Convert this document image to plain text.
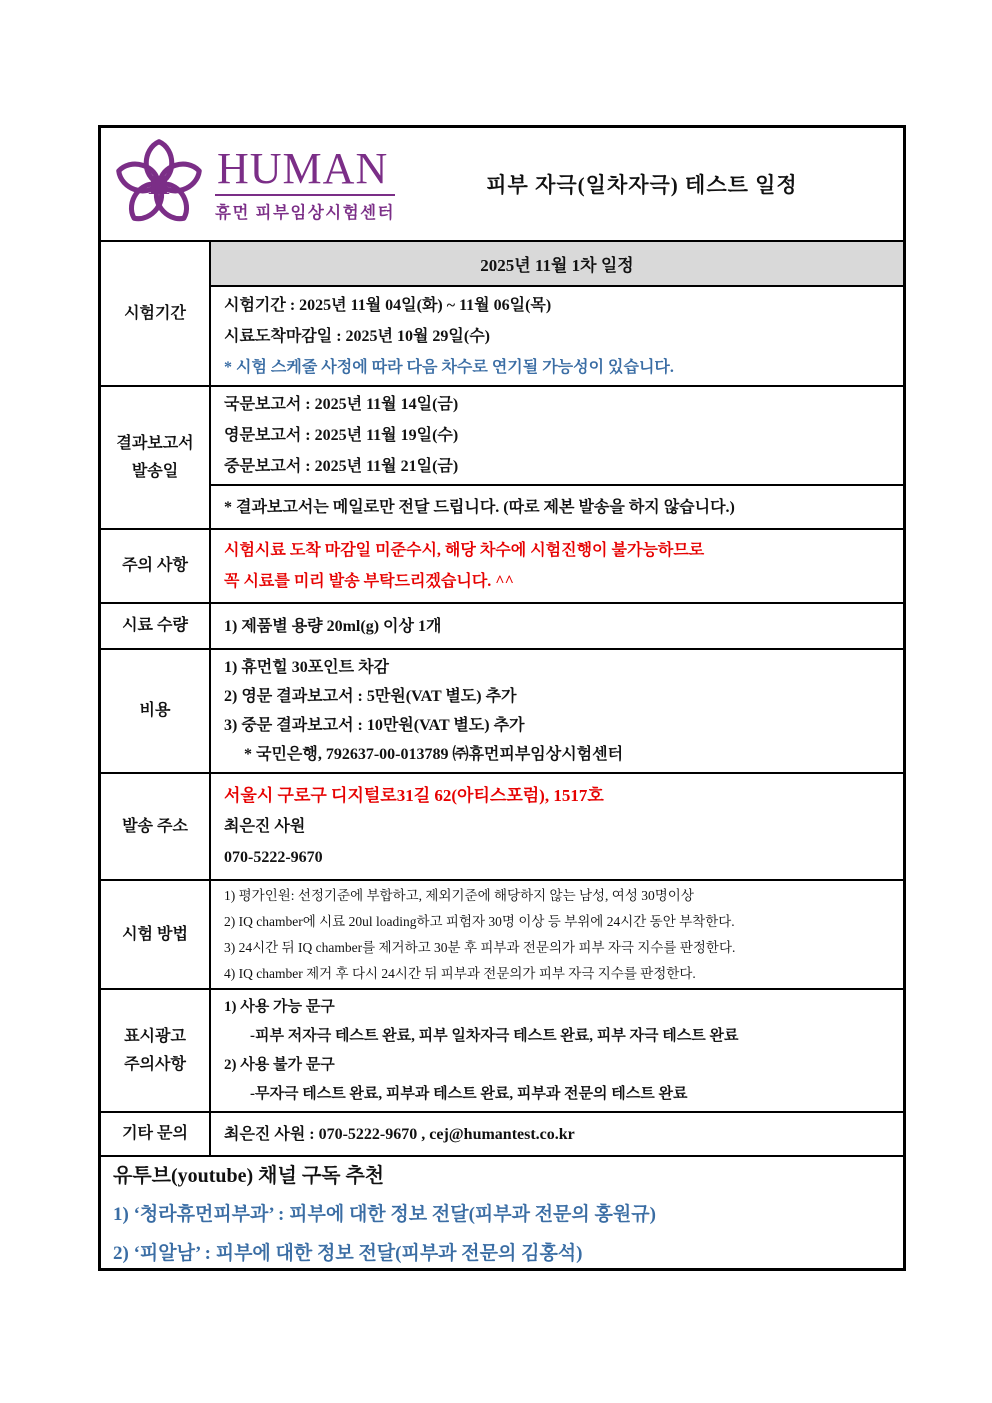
H HUMAN
휴먼 피부임상시험센터
피부 자극(일차자극) 테스트 일정
시험기간
2025년 11월 1차 일정
시험기간 : 2025년 11월 04일(화) ~ 11월 06일(목)
시료도착마감일 : 2025년 10월 29일(수)
* 시험 스케줄 사정에 따라 다음 차수로 연기될 가능성이 있습니다.
결과보고서
발송일
국문보고서 : 2025년 11월 14일(금)
영문보고서 : 2025년 11월 19일(수)
중문보고서 : 2025년 11월 21일(금)
* 결과보고서는 메일로만 전달 드립니다. (따로 제본 발송을 하지 않습니다.)
주의 사항
시험시료 도착 마감일 미준수시, 해당 차수에 시험진행이 불가능하므로
꼭 시료를 미리 발송 부탁드리겠습니다. ^^
시료 수량	1) 제품별 용량 20ml(g) 이상 1개
비용
1) 휴먼힐 30포인트 차감
2) 영문 결과보고서 : 5만원(VAT 별도) 추가
3) 중문 결과보고서 : 10만원(VAT 별도) 추가
* 국민은행, 792637-00-013789 ㈜휴먼피부임상시험센터
발송 주소
서울시 구로구 디지털로31길 62(아티스포럼), 1517호
최은진 사원
070-5222-9670
시험 방법
1) 평가인원: 선정기준에 부합하고, 제외기준에 해당하지 않는 남성, 여성 30명이상
2) IQ chamber에 시료 20ul loading하고 피험자 30명 이상 등 부위에 24시간 동안 부착한다.
3) 24시간 뒤 IQ chamber를 제거하고 30분 후 피부과 전문의가 피부 자극 지수를 판정한다.
4) IQ chamber 제거 후 다시 24시간 뒤 피부과 전문의가 피부 자극 지수를 판정한다.
표시광고
주의사항
1) 사용 가능 문구
-피부 저자극 테스트 완료, 피부 일차자극 테스트 완료, 피부 자극 테스트 완료
2) 사용 불가 문구
-무자극 테스트 완료, 피부과 테스트 완료, 피부과 전문의 테스트 완료
기타 문의	최은진 사원 : 070-5222-9670 , cej@humantest.co.kr
유투브(youtube) 채널 구독 추천
1) ‘청라휴먼피부과’ : 피부에 대한 정보 전달(피부과 전문의 홍원규)
2) ‘피알남’ : 피부에 대한 정보 전달(피부과 전문의 김홍석)
